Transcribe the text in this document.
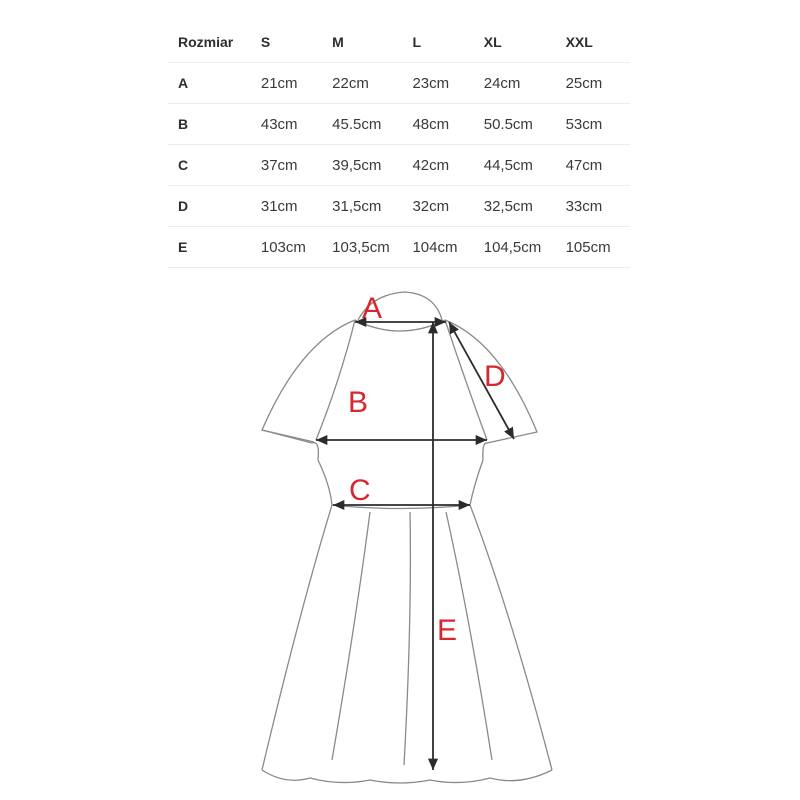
Rozmiar	S	M	L	XL	XXL
A	21cm	22cm	23cm	24cm	25cm
B	43cm	45.5cm	48cm	50.5cm	53cm
C	37cm	39,5cm	42cm	44,5cm	47cm
D	31cm	31,5cm	32cm	32,5cm	33cm
E	103cm	103,5cm	104cm	104,5cm	105cm
A
B
C
D
E
